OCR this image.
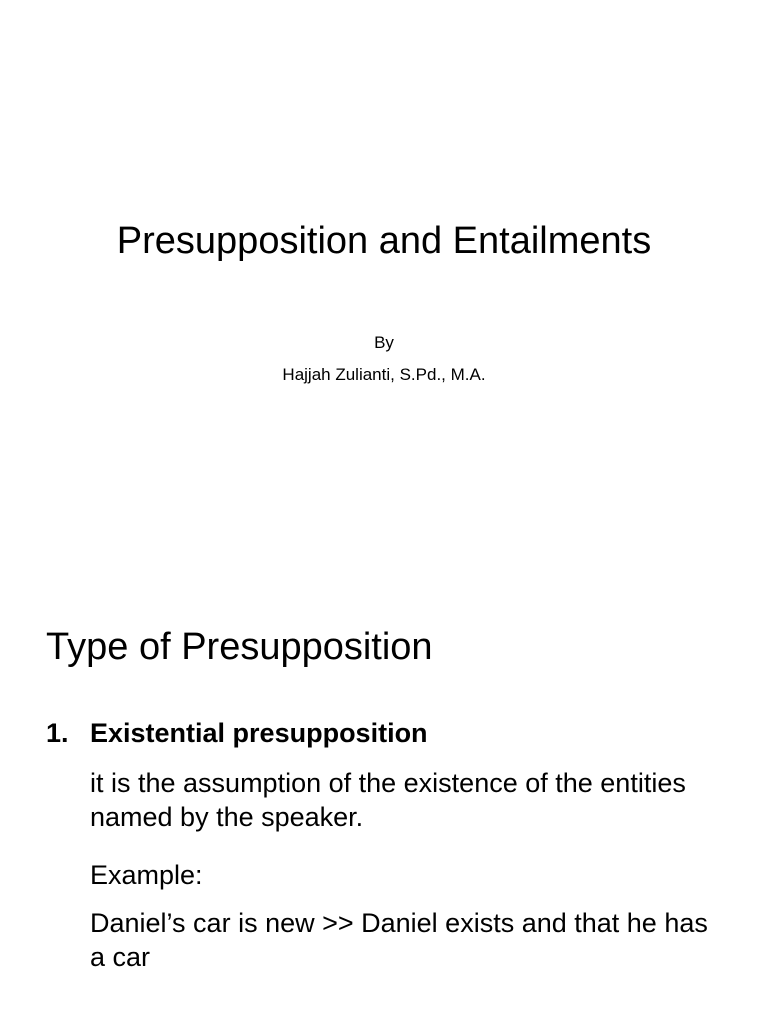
Presupposition and Entailments

By

Hajjah Zulianti, S.Pd., M.A.

Type of Presupposition
1. Existential presupposition

it is the assumption of the existence of the entities named by the speaker.

Example:

Daniel’s car is new >> Daniel exists and that he has a car
